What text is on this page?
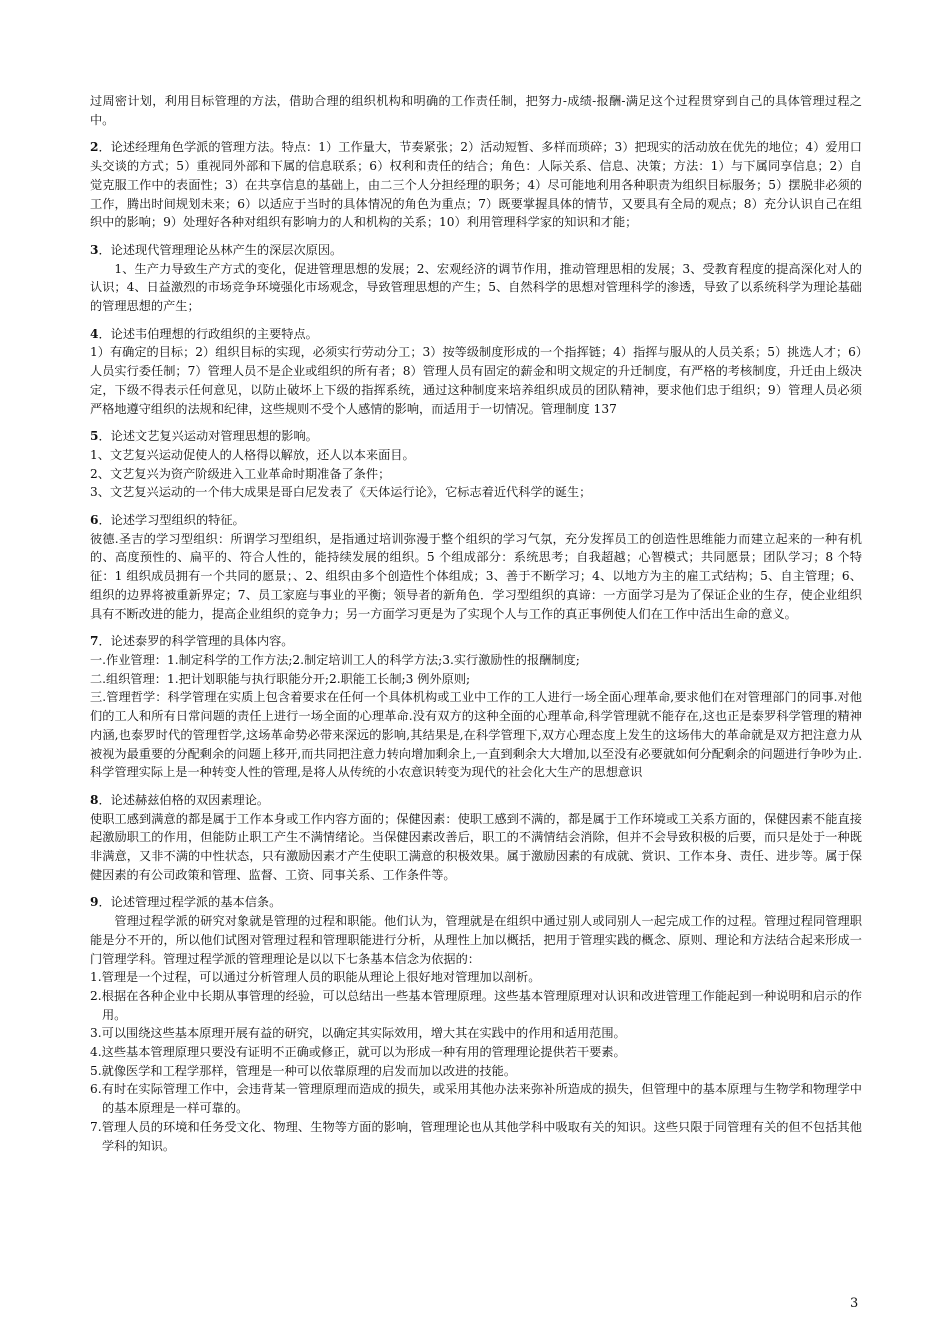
过周密计划，利用目标管理的方法，借助合理的组织机构和明确的工作责任制，把努力-成绩-报酬-满足这个过程贯穿到自己的具体管理过程之中。

2．论述经理角色学派的管理方法。特点：1）工作量大，节奏紧张；2）活动短暂、多样而琐碎；3）把现实的活动放在优先的地位；4）爱用口头交谈的方式；5）重视同外部和下属的信息联系；6）权利和责任的结合；角色：人际关系、信息、决策；方法：1）与下属同享信息；2）自觉克服工作中的表面性；3）在共享信息的基础上，由二三个人分担经理的职务；4）尽可能地利用各种职责为组织目标服务；5）摆脱非必须的工作，腾出时间规划未来；6）以适应于当时的具体情况的角色为重点；7）既要掌握具体的情节，又要具有全局的观点；8）充分认识自己在组织中的影响；9）处理好各种对组织有影响力的人和机构的关系；10）利用管理科学家的知识和才能；
3．论述现代管理理论丛林产生的深层次原因。

1、生产力导致生产方式的变化，促进管理思想的发展；2、宏观经济的调节作用，推动管理思相的发展；3、受教育程度的提高深化对人的认识；4、日益激烈的市场竞争环境强化市场观念，导致管理思想的产生；5、自然科学的思想对管理科学的渗透，导致了以系统科学为理论基础的管理思想的产生；

4．论述韦伯理想的行政组织的主要特点。

1）有确定的目标；2）组织目标的实现，必须实行劳动分工；3）按等级制度形成的一个指挥链；4）指挥与服从的人员关系；5）挑选人才；6）人员实行委任制；7）管理人员不是企业或组织的所有者；8）管理人员有固定的薪金和明文规定的升迁制度，有严格的考核制度，升迁由上级决定，下级不得表示任何意见，以防止破坏上下级的指挥系统，通过这种制度来培养组织成员的团队精神，要求他们忠于组织；9）管理人员必须严格地遵守组织的法规和纪律，这些规则不受个人感情的影响，而适用于一切情况。管理制度 137

5．论述文艺复兴运动对管理思想的影响。

1、文艺复兴运动促使人的人格得以解放，还人以本来面目。

2、文艺复兴为资产阶级进入工业革命时期准备了条件；

3、文艺复兴运动的一个伟大成果是哥白尼发表了《天体运行论》，它标志着近代科学的诞生；

6．论述学习型组织的特征。

彼德.圣吉的学习型组织：所谓学习型组织，是指通过培训弥漫于整个组织的学习气氛，充分发挥员工的创造性思维能力而建立起来的一种有机的、高度预性的、扁平的、符合人性的，能持续发展的组织。5 个组成部分：系统思考；自我超越；心智模式；共同愿景；团队学习；8 个特征：1 组织成员拥有一个共同的愿景；、2、组织由多个创造性个体组成；3、善于不断学习；4、以地方为主的雇工式结构；5、自主管理；6、组织的边界将被重新界定；7、员工家庭与事业的平衡；领导者的新角色．学习型组织的真谛：一方面学习是为了保证企业的生存，使企业组织具有不断改进的能力，提高企业组织的竞争力；另一方面学习更是为了实现个人与工作的真正事例使人们在工作中活出生命的意义。

7．论述泰罗的科学管理的具体内容。

一.作业管理：1.制定科学的工作方法;2.制定培训工人的科学方法;3.实行激励性的报酬制度;

二.组织管理：1.把计划职能与执行职能分开;2.职能工长制;3 例外原则;

三.管理哲学：科学管理在实质上包含着要求在任何一个具体机构或工业中工作的工人进行一场全面心理革命,要求他们在对管理部门的同事.对他们的工人和所有日常问题的责任上进行一场全面的心理革命.没有双方的这种全面的心理革命,科学管理就不能存在,这也正是泰罗科学管理的精神内涵,也泰罗时代的管理哲学,这场革命势必带来深远的影响,其结果是,在科学管理下,双方心理态度上发生的这场伟大的革命就是双方把注意力从被视为最重要的分配剩余的问题上移开,而共同把注意力转向增加剩余上,一直到剩余大大增加,以至没有必要就如何分配剩余的问题进行争吵为止.科学管理实际上是一种转变人性的管理,是将人从传统的小农意识转变为现代的社会化大生产的思想意识

8．论述赫兹伯格的双因素理论。

使职工感到满意的都是属于工作本身或工作内容方面的；保健因素：使职工感到不满的，都是属于工作环境或工关系方面的，保健因素不能直接起激励职工的作用，但能防止职工产生不满情绪论。当保健因素改善后，职工的不满情结会消除，但并不会导致积极的后要，而只是处于一种既非满意，又非不满的中性状态，只有激励因素才产生使职工满意的积极效果。属于激励因素的有成就、赏识、工作本身、责任、进步等。属于保健因素的有公司政策和管理、监督、工资、同事关系、工作条件等。

9．论述管理过程学派的基本信条。

管理过程学派的研究对象就是管理的过程和职能。他们认为，管理就是在组织中通过别人或同别人一起完成工作的过程。管理过程同管理职能是分不开的，所以他们试图对管理过程和管理职能进行分析，从理性上加以概括，把用于管理实践的概念、原则、理论和方法结合起来形成一门管理学科。管理过程学派的管理理论是以以下七条基本信念为依据的：

1.管理是一个过程，可以通过分析管理人员的职能从理论上很好地对管理加以剖析。

2.根据在各种企业中长期从事管理的经验，可以总结出一些基本管理原理。这些基本管理原理对认识和改进管理工作能起到一种说明和启示的作用。

3.可以围绕这些基本原理开展有益的研究，以确定其实际效用，增大其在实践中的作用和适用范围。

4.这些基本管理原理只要没有证明不正确或修正，就可以为形成一种有用的管理理论提供若干要素。

5.就像医学和工程学那样，管理是一种可以依靠原理的启发而加以改进的技能。

6.有时在实际管理工作中，会违背某一管理原理而造成的损失，或采用其他办法来弥补所造成的损失，但管理中的基本原理与生物学和物理学中的基本原理是一样可靠的。

7.管理人员的环境和任务受文化、物理、生物等方面的影响，管理理论也从其他学科中吸取有关的知识。这些只限于同管理有关的但不包括其他学科的知识。

3
